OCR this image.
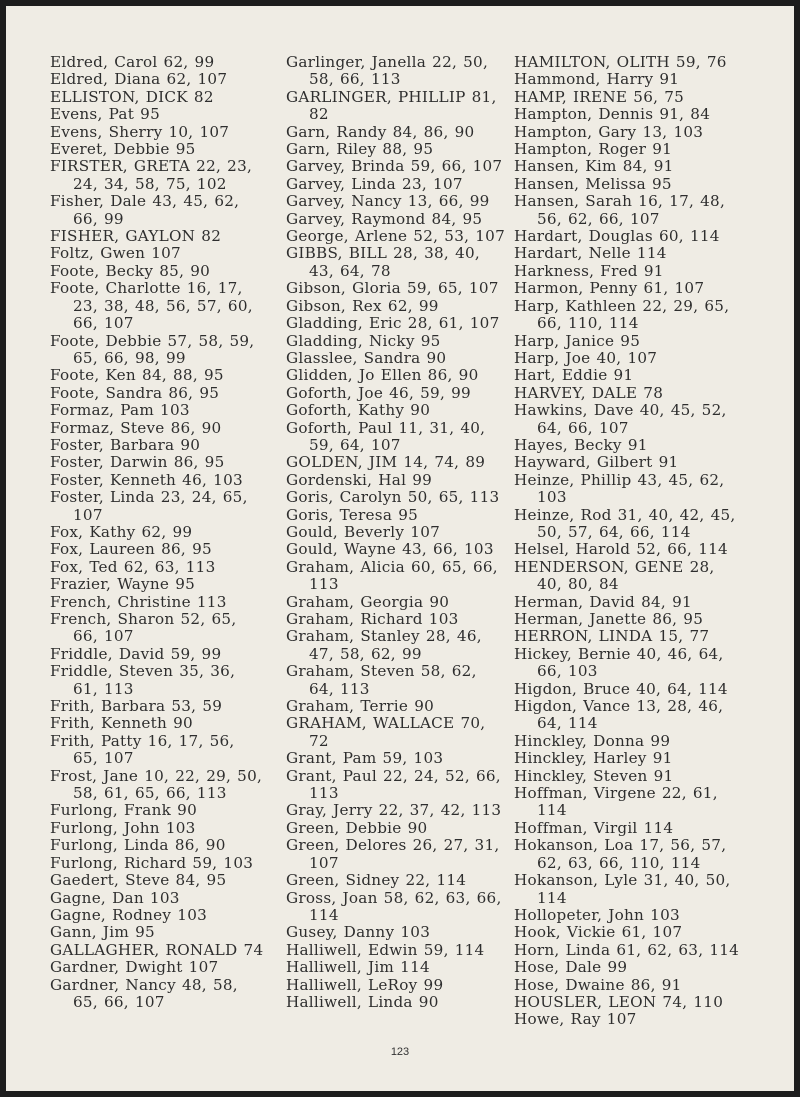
Eldred, Carol 62, 99

Eldred, Diana 62, 107

ELLISTON, DICK 82

Evens, Pat 95

Evens, Sherry 10, 107

Everet, Debbie 95

FIRSTER, GRETA 22, 23, 24, 34, 58, 75, 102

Fisher, Dale 43, 45, 62, 66, 99

FISHER, GAYLON 82

Foltz, Gwen 107

Foote, Becky 85, 90

Foote, Charlotte 16, 17, 23, 38, 48, 56, 57, 60, 66, 107

Foote, Debbie 57, 58, 59, 65, 66, 98, 99

Foote, Ken 84, 88, 95

Foote, Sandra 86, 95

Formaz, Pam 103

Formaz, Steve 86, 90

Foster, Barbara 90

Foster, Darwin 86, 95

Foster, Kenneth 46, 103

Foster, Linda 23, 24, 65, 107

Fox, Kathy 62, 99

Fox, Laureen 86, 95

Fox, Ted 62, 63, 113

Frazier, Wayne 95

French, Christine 113

French, Sharon 52, 65, 66, 107

Friddle, David 59, 99

Friddle, Steven 35, 36, 61, 113

Frith, Barbara 53, 59

Frith, Kenneth 90

Frith, Patty 16, 17, 56, 65, 107

Frost, Jane 10, 22, 29, 50, 58, 61, 65, 66, 113

Furlong, Frank 90

Furlong, John 103

Furlong, Linda 86, 90

Furlong, Richard 59, 103

Gaedert, Steve 84, 95

Gagne, Dan 103

Gagne, Rodney 103

Gann, Jim 95

GALLAGHER, RONALD 74

Gardner, Dwight 107

Gardner, Nancy 48, 58, 65, 66, 107

Garlinger, Janella 22, 50, 58, 66, 113

GARLINGER, PHILLIP 81, 82

Garn, Randy 84, 86, 90

Garn, Riley 88, 95

Garvey, Brinda 59, 66, 107

Garvey, Linda 23, 107

Garvey, Nancy 13, 66, 99

Garvey, Raymond 84, 95

George, Arlene 52, 53, 107

GIBBS, BILL 28, 38, 40, 43, 64, 78

Gibson, Gloria 59, 65, 107

Gibson, Rex 62, 99

Gladding, Eric 28, 61, 107

Gladding, Nicky 95

Glasslee, Sandra 90

Glidden, Jo Ellen 86, 90

Goforth, Joe 46, 59, 99

Goforth, Kathy 90

Goforth, Paul 11, 31, 40, 59, 64, 107

GOLDEN, JIM 14, 74, 89

Gordenski, Hal 99

Goris, Carolyn 50, 65, 113

Goris, Teresa 95

Gould, Beverly 107

Gould, Wayne 43, 66, 103

Graham, Alicia 60, 65, 66, 113

Graham, Georgia 90

Graham, Richard 103

Graham, Stanley 28, 46, 47, 58, 62, 99

Graham, Steven 58, 62, 64, 113

Graham, Terrie 90

GRAHAM, WALLACE 70, 72

Grant, Pam 59, 103

Grant, Paul 22, 24, 52, 66, 113

Gray, Jerry 22, 37, 42, 113

Green, Debbie 90

Green, Delores 26, 27, 31, 107

Green, Sidney 22, 114

Gross, Joan 58, 62, 63, 66, 114

Gusey, Danny 103

Halliwell, Edwin 59, 114

Halliwell, Jim 114

Halliwell, LeRoy 99

Halliwell, Linda 90

HAMILTON, OLITH 59, 76

Hammond, Harry 91

HAMP, IRENE 56, 75

Hampton, Dennis 91, 84

Hampton, Gary 13, 103

Hampton, Roger 91

Hansen, Kim 84, 91

Hansen, Melissa 95

Hansen, Sarah 16, 17, 48, 56, 62, 66, 107

Hardart, Douglas 60, 114

Hardart, Nelle 114

Harkness, Fred 91

Harmon, Penny 61, 107

Harp, Kathleen 22, 29, 65, 66, 110, 114

Harp, Janice 95

Harp, Joe 40, 107

Hart, Eddie 91

HARVEY, DALE 78

Hawkins, Dave 40, 45, 52, 64, 66, 107

Hayes, Becky 91

Hayward, Gilbert 91

Heinze, Phillip 43, 45, 62, 103

Heinze, Rod 31, 40, 42, 45, 50, 57, 64, 66, 114

Helsel, Harold 52, 66, 114

HENDERSON, GENE 28, 40, 80, 84

Herman, David 84, 91

Herman, Janette 86, 95

HERRON, LINDA 15, 77

Hickey, Bernie 40, 46, 64, 66, 103

Higdon, Bruce 40, 64, 114

Higdon, Vance 13, 28, 46, 64, 114

Hinckley, Donna 99

Hinckley, Harley 91

Hinckley, Steven 91

Hoffman, Virgene 22, 61, 114

Hoffman, Virgil 114

Hokanson, Loa 17, 56, 57, 62, 63, 66, 110, 114

Hokanson, Lyle 31, 40, 50, 114

Hollopeter, John 103

Hook, Vickie 61, 107

Horn, Linda 61, 62, 63, 114

Hose, Dale 99

Hose, Dwaine 86, 91

HOUSLER, LEON 74, 110

Howe, Ray 107

123
